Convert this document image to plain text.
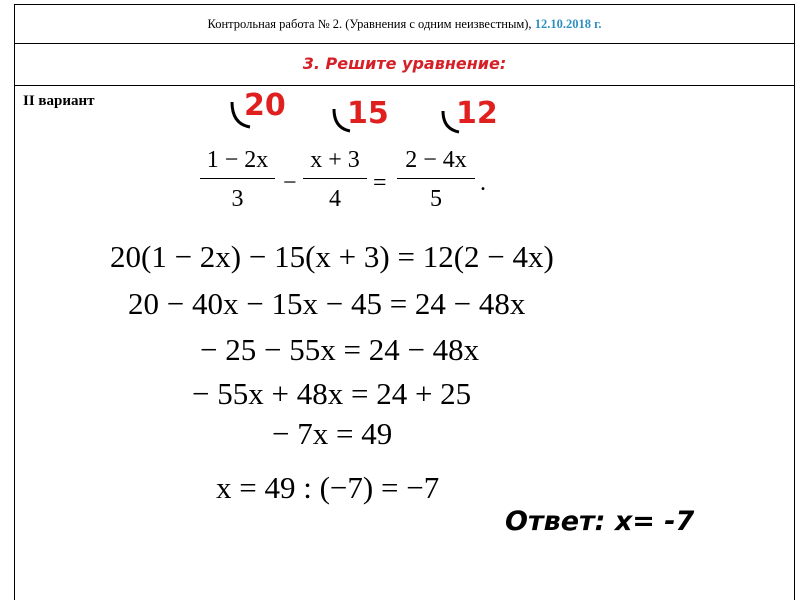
Контрольная работа № 2. (Уравнения с одним неизвестным), 12.10.2018 г.
3. Решите уравнение:
II вариант	20 15 12
1 − 2x
3
−
x + 3
4
=
2 − 4x
5
.
20(1 − 2x) − 15(x + 3) = 12(2 − 4x)
20 − 40x − 15x − 45 = 24 − 48x
− 25 − 55x = 24 − 48x
− 55x + 48x = 24 + 25
− 7x = 49
x = 49 : (−7) = −7
Ответ: x= -7
